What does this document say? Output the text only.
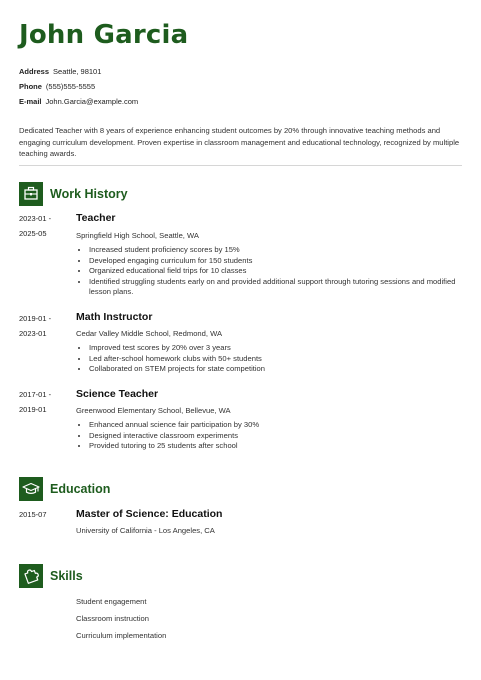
John Garcia
Address Seattle, 98101
Phone (555)555-5555
E-mail John.Garcia@example.com
Dedicated Teacher with 8 years of experience enhancing student outcomes by 20% through innovative teaching methods and engaging curriculum development. Proven expertise in classroom management and educational technology, recognized by multiple teaching awards.
Work History
2023-01 -
2025-05
Teacher
Springfield High School, Seattle, WA
• Increased student proficiency scores by 15%
• Developed engaging curriculum for 150 students
• Organized educational field trips for 10 classes
• Identified struggling students early on and provided additional support through tutoring sessions and modified lesson plans.
2019-01 -
2023-01
Math Instructor
Cedar Valley Middle School, Redmond, WA
• Improved test scores by 20% over 3 years
• Led after-school homework clubs with 50+ students
• Collaborated on STEM projects for state competition
2017-01 -
2019-01
Science Teacher
Greenwood Elementary School, Bellevue, WA
• Enhanced annual science fair participation by 30%
• Designed interactive classroom experiments
• Provided tutoring to 25 students after school
Education
2015-07	Master of Science: Education
University of California - Los Angeles, CA
Skills
Student engagement
Classroom instruction
Curriculum implementation
